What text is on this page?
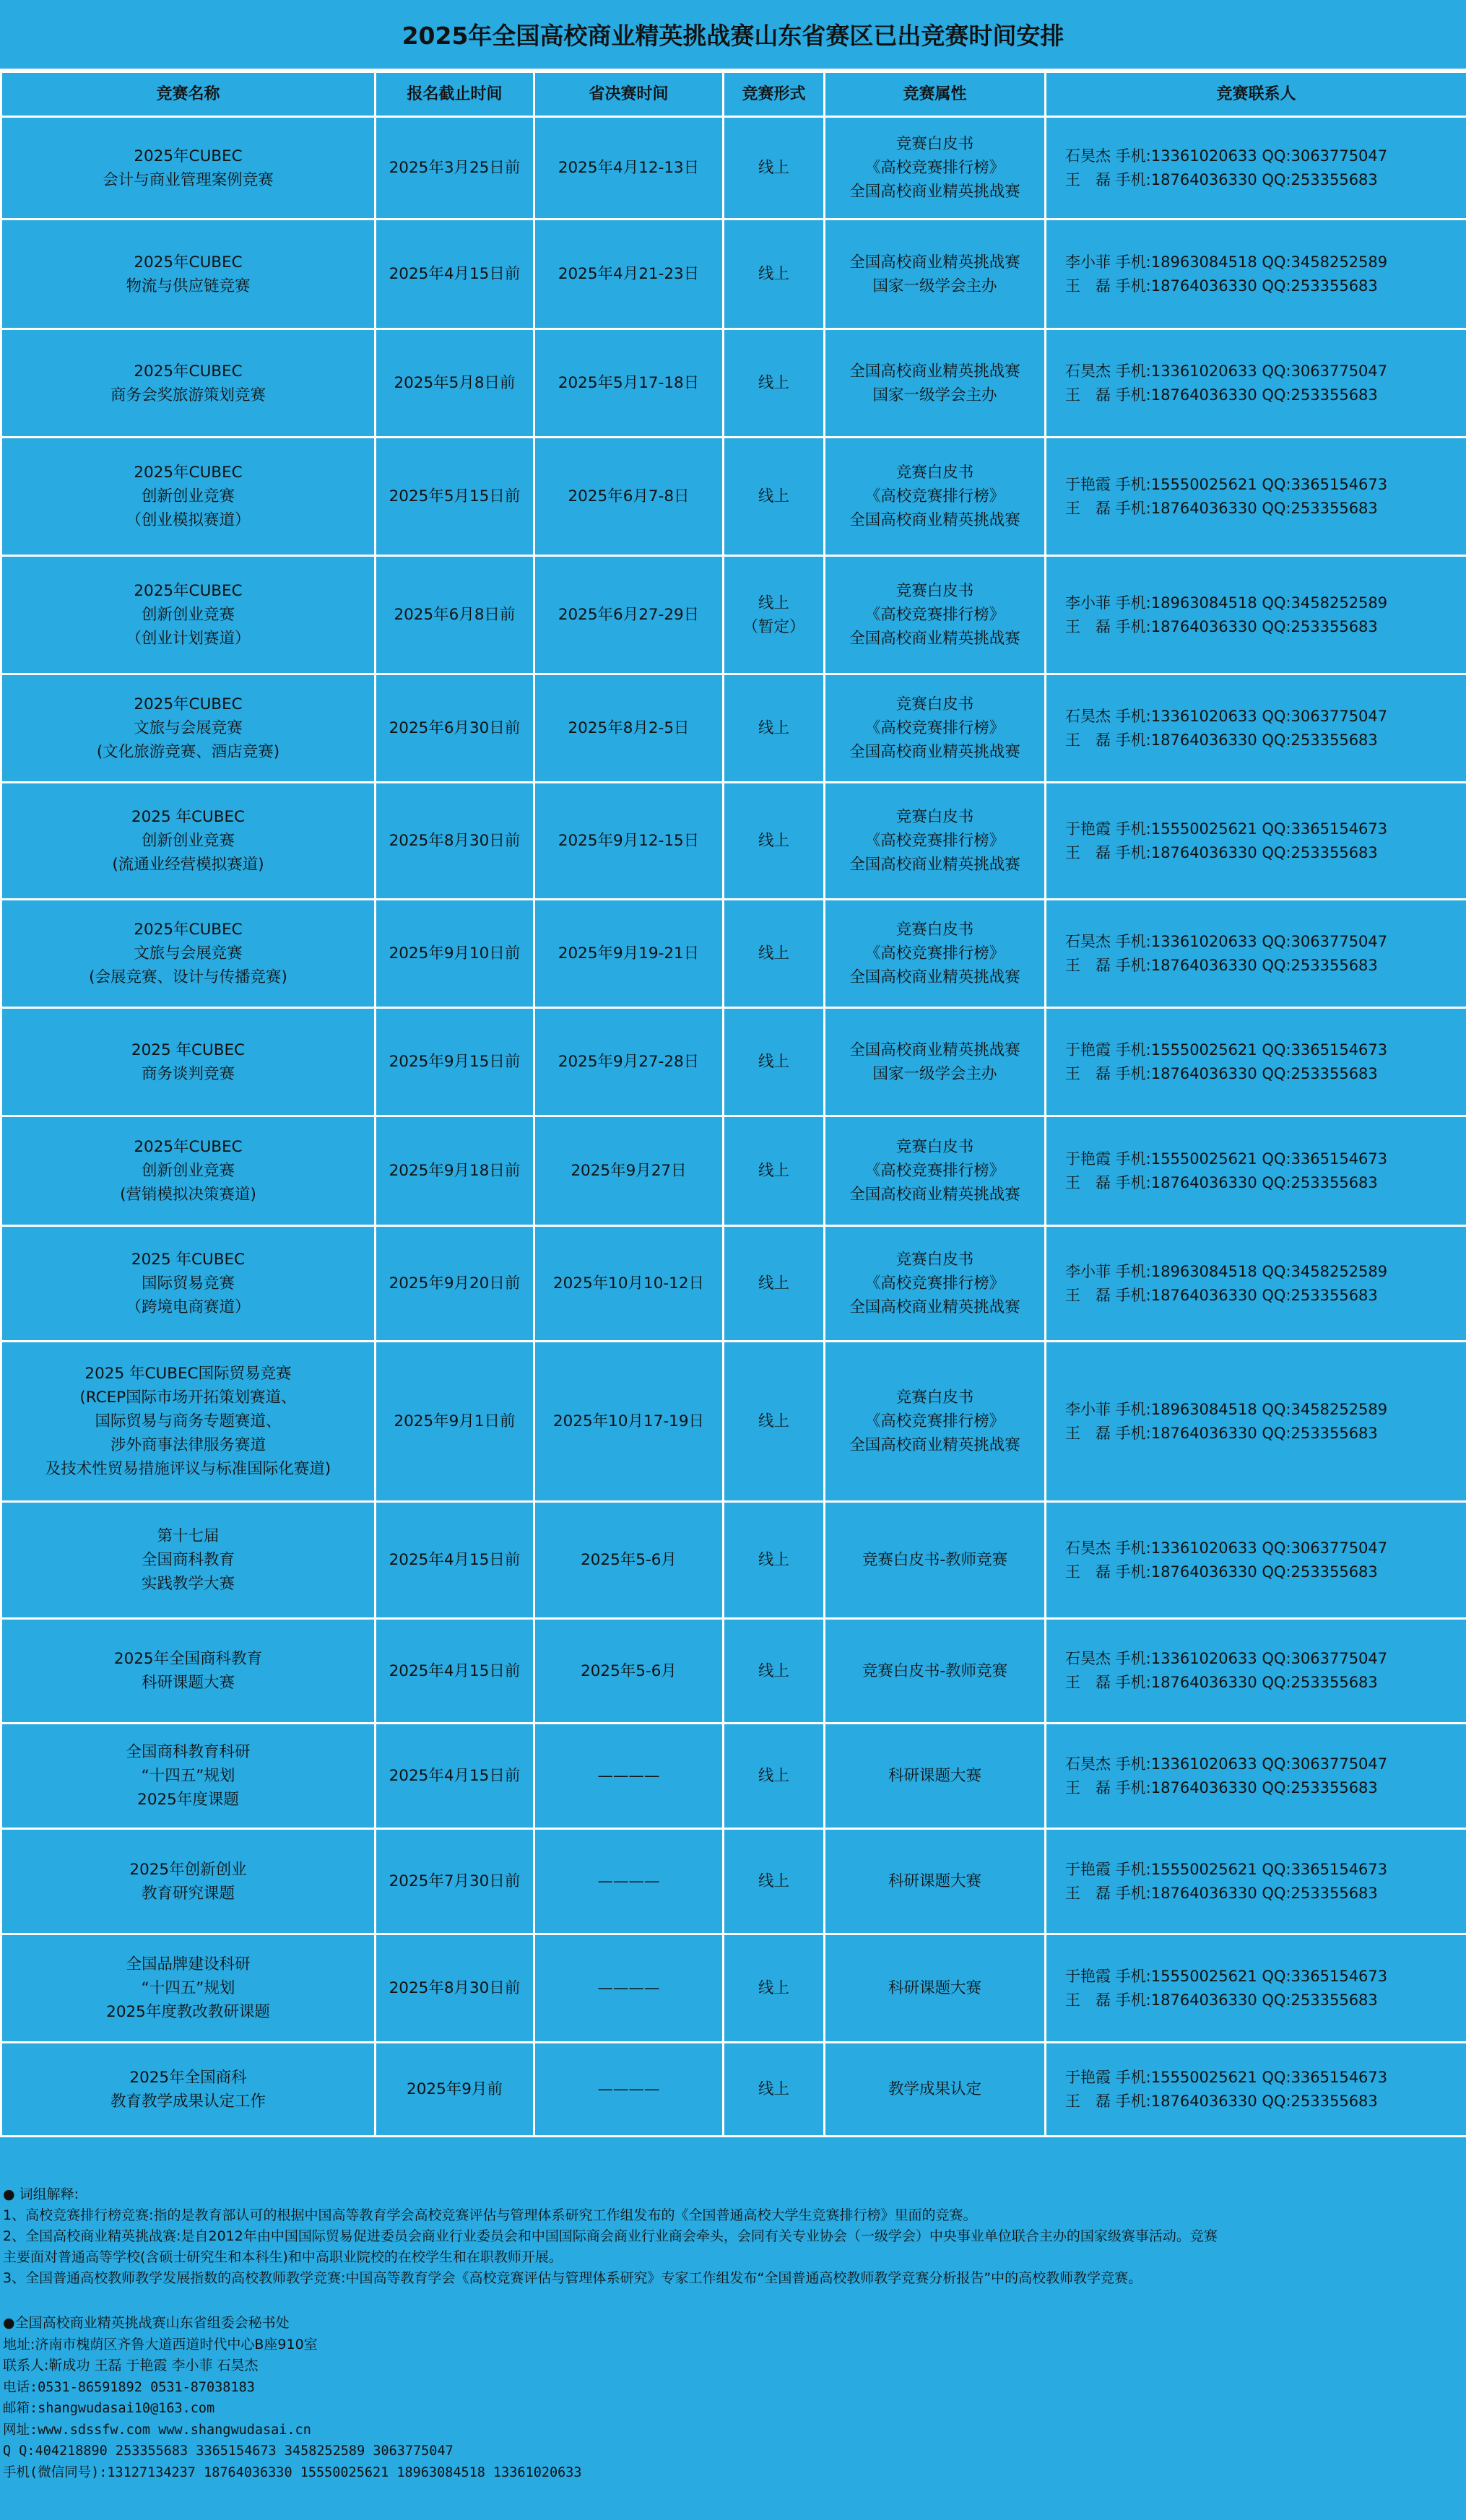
2025年全国高校商业精英挑战赛山东省赛区已出竞赛时间安排
竞赛名称	报名截止时间	省决赛时间	竞赛形式	竞赛属性	竞赛联系人

2025年CUBEC
会计与商业管理案例竞赛	2025年3月25日前	2025年4月12-13日	线上	竞赛白皮书
《高校竞赛排行榜》
全国高校商业精英挑战赛	石昊杰 手机:13361020633 QQ:3063775047
王　磊 手机:18764036330 QQ:253355683

2025年CUBEC
物流与供应链竞赛	2025年4月15日前	2025年4月21-23日	线上	全国高校商业精英挑战赛
国家一级学会主办	李小菲 手机:18963084518 QQ:3458252589
王　磊 手机:18764036330 QQ:253355683

2025年CUBEC
商务会奖旅游策划竞赛	2025年5月8日前	2025年5月17-18日	线上	全国高校商业精英挑战赛
国家一级学会主办	石昊杰 手机:13361020633 QQ:3063775047
王　磊 手机:18764036330 QQ:253355683

2025年CUBEC
创新创业竞赛
（创业模拟赛道）	2025年5月15日前	2025年6月7-8日	线上	竞赛白皮书
《高校竞赛排行榜》
全国高校商业精英挑战赛	于艳霞 手机:15550025621 QQ:3365154673
王　磊 手机:18764036330 QQ:253355683

2025年CUBEC
创新创业竞赛
（创业计划赛道）	2025年6月8日前	2025年6月27-29日	线上
（暂定）	竞赛白皮书
《高校竞赛排行榜》
全国高校商业精英挑战赛	李小菲 手机:18963084518 QQ:3458252589
王　磊 手机:18764036330 QQ:253355683

2025年CUBEC
文旅与会展竞赛
(文化旅游竞赛、酒店竞赛)	2025年6月30日前	2025年8月2-5日	线上	竞赛白皮书
《高校竞赛排行榜》
全国高校商业精英挑战赛	石昊杰 手机:13361020633 QQ:3063775047
王　磊 手机:18764036330 QQ:253355683

2025 年CUBEC
创新创业竞赛
(流通业经营模拟赛道)	2025年8月30日前	2025年9月12-15日	线上	竞赛白皮书
《高校竞赛排行榜》
全国高校商业精英挑战赛	于艳霞 手机:15550025621 QQ:3365154673
王　磊 手机:18764036330 QQ:253355683

2025年CUBEC
文旅与会展竞赛
(会展竞赛、设计与传播竞赛)	2025年9月10日前	2025年9月19-21日	线上	竞赛白皮书
《高校竞赛排行榜》
全国高校商业精英挑战赛	石昊杰 手机:13361020633 QQ:3063775047
王　磊 手机:18764036330 QQ:253355683

2025 年CUBEC
商务谈判竞赛	2025年9月15日前	2025年9月27-28日	线上	全国高校商业精英挑战赛
国家一级学会主办	于艳霞 手机:15550025621 QQ:3365154673
王　磊 手机:18764036330 QQ:253355683

2025年CUBEC
创新创业竞赛
(营销模拟决策赛道)	2025年9月18日前	2025年9月27日	线上	竞赛白皮书
《高校竞赛排行榜》
全国高校商业精英挑战赛	于艳霞 手机:15550025621 QQ:3365154673
王　磊 手机:18764036330 QQ:253355683

2025 年CUBEC
国际贸易竞赛
（跨境电商赛道）	2025年9月20日前	2025年10月10-12日	线上	竞赛白皮书
《高校竞赛排行榜》
全国高校商业精英挑战赛	李小菲 手机:18963084518 QQ:3458252589
王　磊 手机:18764036330 QQ:253355683

2025 年CUBEC国际贸易竞赛
(RCEP国际市场开拓策划赛道、
国际贸易与商务专题赛道、
涉外商事法律服务赛道
及技术性贸易措施评议与标准国际化赛道)	2025年9月1日前	2025年10月17-19日	线上	竞赛白皮书
《高校竞赛排行榜》
全国高校商业精英挑战赛	李小菲 手机:18963084518 QQ:3458252589
王　磊 手机:18764036330 QQ:253355683

第十七届
全国商科教育
实践教学大赛	2025年4月15日前	2025年5-6月	线上	竞赛白皮书-教师竞赛	石昊杰 手机:13361020633 QQ:3063775047
王　磊 手机:18764036330 QQ:253355683

2025年全国商科教育
科研课题大赛	2025年4月15日前	2025年5-6月	线上	竞赛白皮书-教师竞赛	石昊杰 手机:13361020633 QQ:3063775047
王　磊 手机:18764036330 QQ:253355683

全国商科教育科研
“十四五”规划
2025年度课题	2025年4月15日前	————	线上	科研课题大赛	石昊杰 手机:13361020633 QQ:3063775047
王　磊 手机:18764036330 QQ:253355683

2025年创新创业
教育研究课题	2025年7月30日前	————	线上	科研课题大赛	于艳霞 手机:15550025621 QQ:3365154673
王　磊 手机:18764036330 QQ:253355683

全国品牌建设科研
“十四五”规划
2025年度教改教研课题	2025年8月30日前	————	线上	科研课题大赛	于艳霞 手机:15550025621 QQ:3365154673
王　磊 手机:18764036330 QQ:253355683

2025年全国商科
教育教学成果认定工作	2025年9月前	————	线上	教学成果认定	于艳霞 手机:15550025621 QQ:3365154673
王　磊 手机:18764036330 QQ:253355683

● 词组解释:
1、高校竞赛排行榜竞赛:指的是教育部认可的根据中国高等教育学会高校竞赛评估与管理体系研究工作组发布的《全国普通高校大学生竞赛排行榜》里面的竞赛。
2、全国高校商业精英挑战赛:是自2012年由中国国际贸易促进委员会商业行业委员会和中国国际商会商业行业商会牵头，会同有关专业协会（一级学会）中央事业单位联合主办的国家级赛事活动。竞赛
主要面对普通高等学校(含硕士研究生和本科生)和中高职业院校的在校学生和在职教师开展。
3、全国普通高校教师教学发展指数的高校教师教学竞赛:中国高等教育学会《高校竞赛评估与管理体系研究》专家工作组发布“全国普通高校教师教学竞赛分析报告”中的高校教师教学竞赛。
●全国高校商业精英挑战赛山东省组委会秘书处
地址:济南市槐荫区齐鲁大道西道时代中心B座910室
联系人:靳成功 王磊 于艳霞 李小菲 石昊杰
电话:0531-86591892 0531-87038183
邮箱:shangwudasai10@163.com
网址:www.sdssfw.com www.shangwudasai.cn
Q Q:404218890 253355683 3365154673 3458252589 3063775047
手机(微信同号):13127134237 18764036330 15550025621 18963084518 13361020633
